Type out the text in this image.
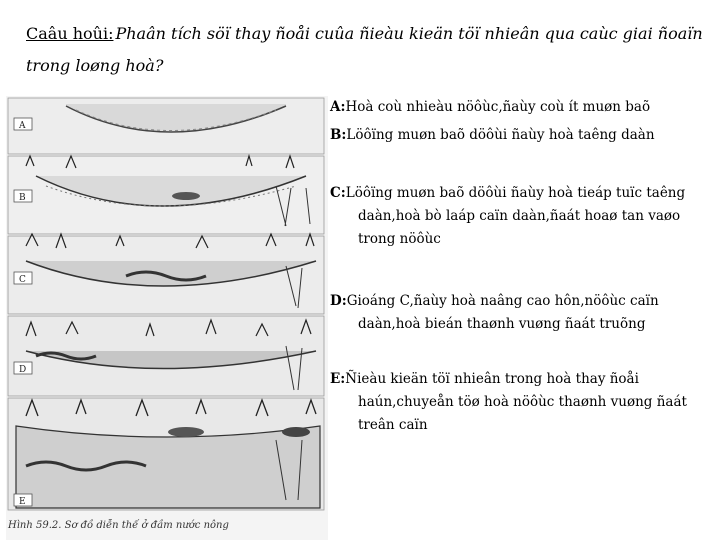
Caâu hoûi: Phaân tích söï thay ñoåi cuûa ñieàu kieän töï nhieân qua caùc giai ñoaïn
trong loøng hoà?
A
B
C
D
E
Hình 59.2. Sơ đồ diễn thế ở đầm nước nông
A:Hoà coù nhieàu nöôùc,ñaùy coù ít muøn baõ
B:Löôïng muøn baõ döôùi ñaùy hoà taêng daàn
C:Löôïng muøn baõ döôùi ñaùy hoà tieáp tuïc taêng
daàn,hoà bò laáp caïn daàn,ñaát hoaø tan vaøo
trong nöôùc
D:Gioáng C,ñaùy hoà naâng cao hôn,nöôùc caïn
daàn,hoà bieán thaønh vuøng ñaát truõng
E:Ñieàu kieän töï nhieân trong hoà thay ñoåi
haún,chuyeån töø hoà nöôùc thaønh vuøng ñaát
treân caïn
